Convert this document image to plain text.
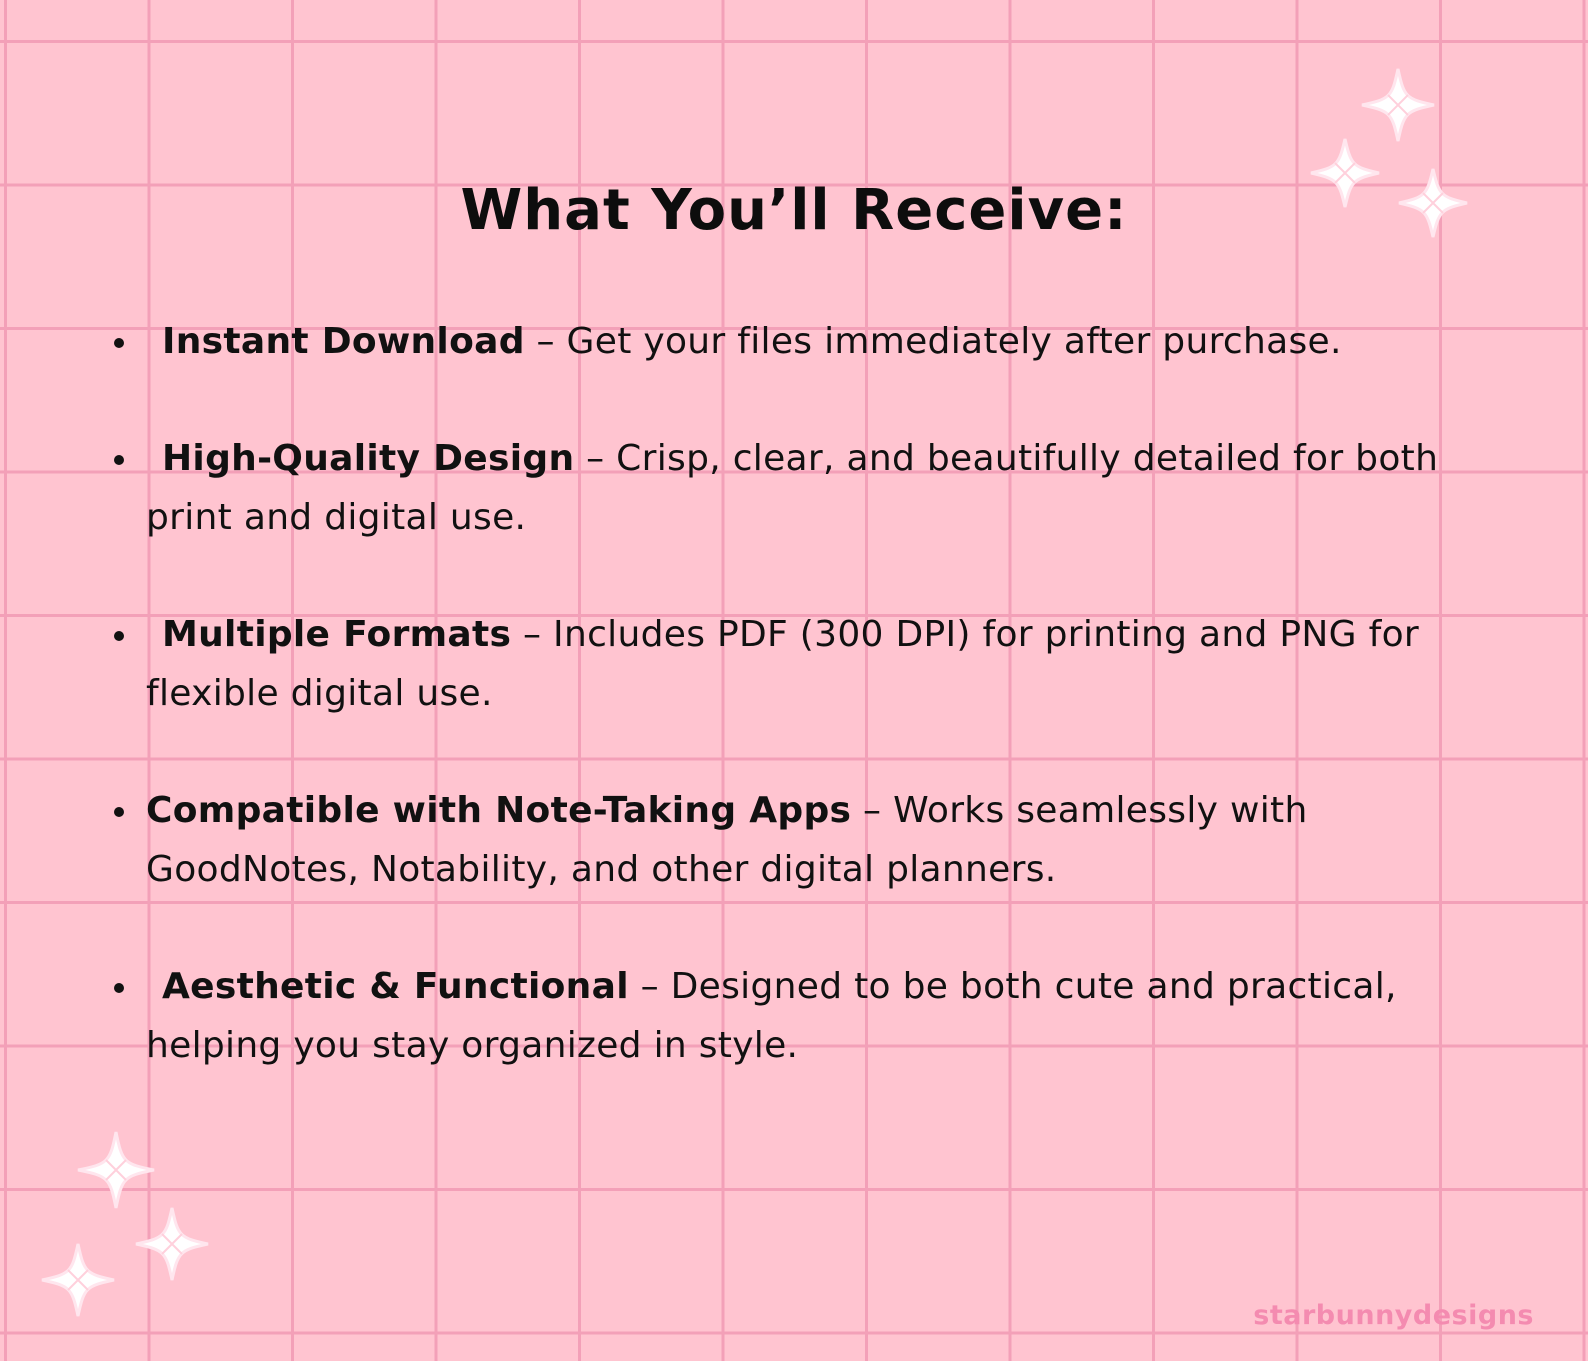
What You’ll Receive:
Instant Download – Get your files immediately after purchase.
High-Quality Design – Crisp, clear, and beautifully detailed for both print and digital use.
Multiple Formats – Includes PDF (300 DPI) for printing and PNG for flexible digital use.
Compatible with Note-Taking Apps – Works seamlessly with GoodNotes, Notability, and other digital planners.
Aesthetic & Functional – Designed to be both cute and practical, helping you stay organized in style.
starbunnydesigns
